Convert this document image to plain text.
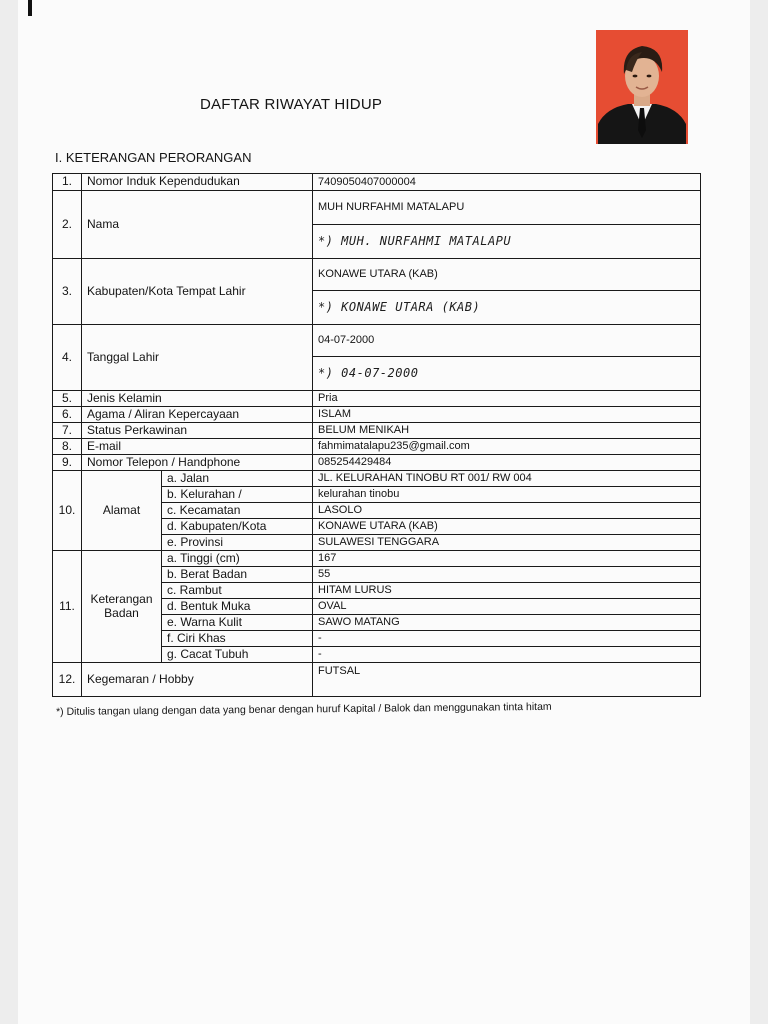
DAFTAR RIWAYAT HIDUP
I. KETERANGAN PERORANGAN
1.	Nomor Induk Kependudukan		7409050407000004
2.	Nama		MUH NURFAHMI MATALAPU
			*) MUH. NURFAHMI MATALAPU
3.	Kabupaten/Kota Tempat Lahir		KONAWE UTARA (KAB)
			*) KONAWE UTARA (KAB)
4.	Tanggal Lahir		04-07-2000
			*) 04-07-2000
5.	Jenis Kelamin		Pria
6.	Agama / Aliran Kepercayaan		ISLAM
7.	Status Perkawinan		BELUM MENIKAH
8.	E-mail		fahmimatalapu235@gmail.com
9.	Nomor Telepon / Handphone		085254429484
10.	Alamat	a. Jalan	JL. KELURAHAN TINOBU RT 001/ RW 004
		b. Kelurahan /	kelurahan tinobu
		c. Kecamatan	LASOLO
		d. Kabupaten/Kota	KONAWE UTARA (KAB)
		e. Provinsi	SULAWESI TENGGARA
11.	Keterangan Badan	a. Tinggi (cm)	167
		b. Berat Badan	55
		c. Rambut	HITAM LURUS
		d. Bentuk Muka	OVAL
		e. Warna Kulit	SAWO MATANG
		f. Ciri Khas	-
		g. Cacat Tubuh	-
12.	Kegemaran / Hobby		FUTSAL
*) Ditulis tangan ulang dengan data yang benar dengan huruf Kapital / Balok dan menggunakan tinta hitam
